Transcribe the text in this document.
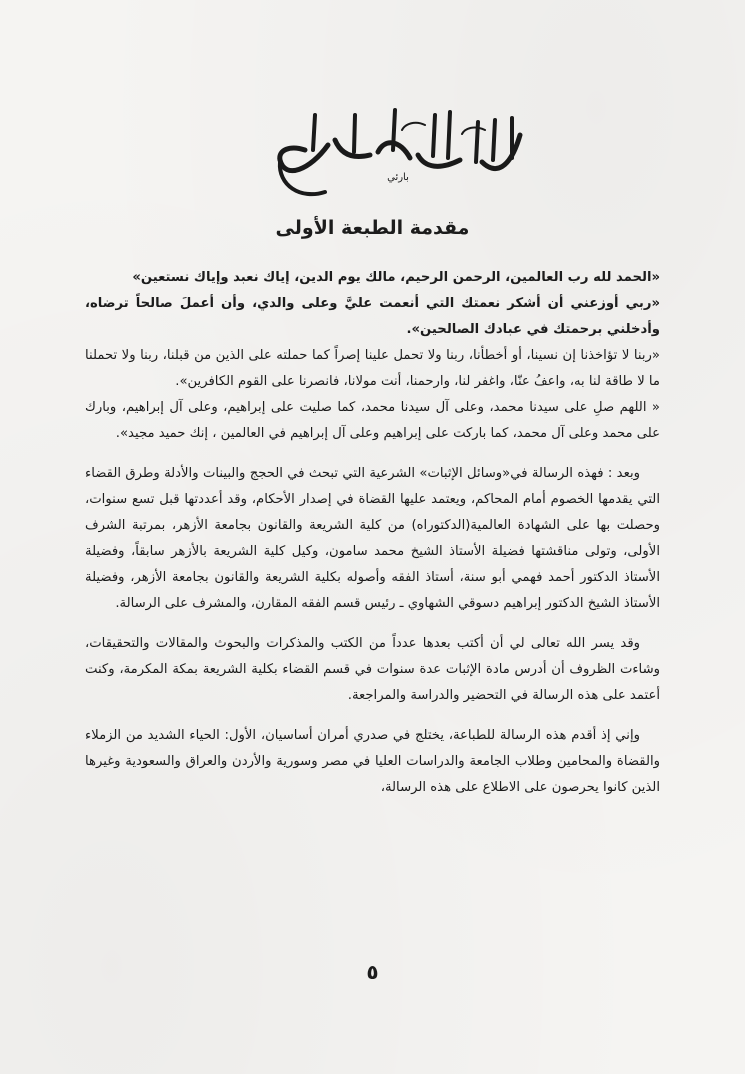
بارئي
مقدمة الطبعة الأولى

«الحمد لله رب العالمين، الرحمن الرحيم، مالك يوم الدين، إياك نعبد وإياك نستعين»

«ربي أوزعني أن أشكر نعمتك التي أنعمت عليَّ وعلى والدي، وأن أعملَ صالحاً ترضاه، وأدخلني برحمتك في عبادك الصالحين».

«ربنا لا تؤاخذنا إن نسينا، أو أخطأنا، ربنا ولا تحمل علينا إصراً كما حملته على الذين من قبلنا، ربنا ولا تحملنا ما لا طاقة لنا به، واعفُ عنّا، واغفر لنا، وارحمنا، أنت مولانا، فانصرنا على القوم الكافرين».

« اللهم صلِ على سيدنا محمد، وعلى آل سيدنا محمد، كما صليت على إبراهيم، وعلى آل إبراهيم، وبارك على محمد وعلى آل محمد، كما باركت على إبراهيم وعلى آل إبراهيم في العالمين ، إنك حميد مجيد».

وبعد : فهذه الرسالة في«وسائل الإثبات» الشرعية التي تبحث في الحجج والبينات والأدلة وطرق القضاء التي يقدمها الخصوم أمام المحاكم، ويعتمد عليها القضاة في إصدار الأحكام، وقد أعددتها قبل تسع سنوات، وحصلت بها على الشهادة العالمية(الدكتوراه) من كلية الشريعة والقانون بجامعة الأزهر، بمرتبة الشرف الأولى، وتولى مناقشتها فضيلة الأستاذ الشيخ محمد سامون، وكيل كلية الشريعة بالأزهر سابقاً، وفضيلة الأستاذ الدكتور أحمد فهمي أبو سنة، أستاذ الفقه وأصوله بكلية الشريعة والقانون بجامعة الأزهر، وفضيلة الأستاذ الشيخ الدكتور إبراهيم دسوقي الشهاوي ـ رئيس قسم الفقه المقارن، والمشرف على الرسالة.

وقد يسر الله تعالى لي أن أكتب بعدها عدداً من الكتب والمذكرات والبحوث والمقالات والتحقيقات، وشاءت الظروف أن أدرس مادة الإثبات عدة سنوات في قسم القضاء بكلية الشريعة بمكة المكرمة، وكنت أعتمد على هذه الرسالة في التحضير والدراسة والمراجعة.

وإني إذ أقدم هذه الرسالة للطباعة، يختلج في صدري أمران أساسيان، الأول: الحياء الشديد من الزملاء والقضاة والمحامين وطلاب الجامعة والدراسات العليا في مصر وسورية والأردن والعراق والسعودية وغيرها الذين كانوا يحرصون على الاطلاع على هذه الرسالة،

٥
